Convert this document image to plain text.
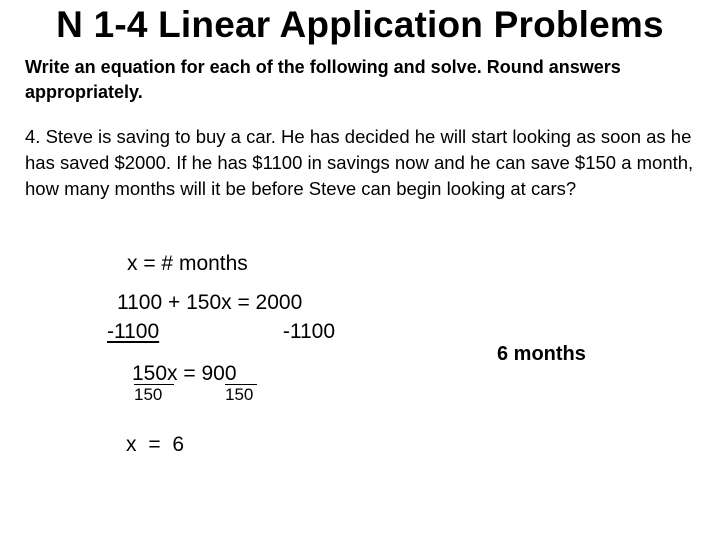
N 1-4 Linear Application Problems
Write an equation for each of the following and solve. Round answers appropriately.
4. Steve is saving to buy a car. He has decided he will start looking as soon as he has saved $2000. If he has $1100 in savings now and he can save $150 a month, how many months will it be before Steve can begin looking at cars?
x = # months
1100 + 150x = 2000
-1100	-1100
150x = 900
150	150
x = 6
6 months
